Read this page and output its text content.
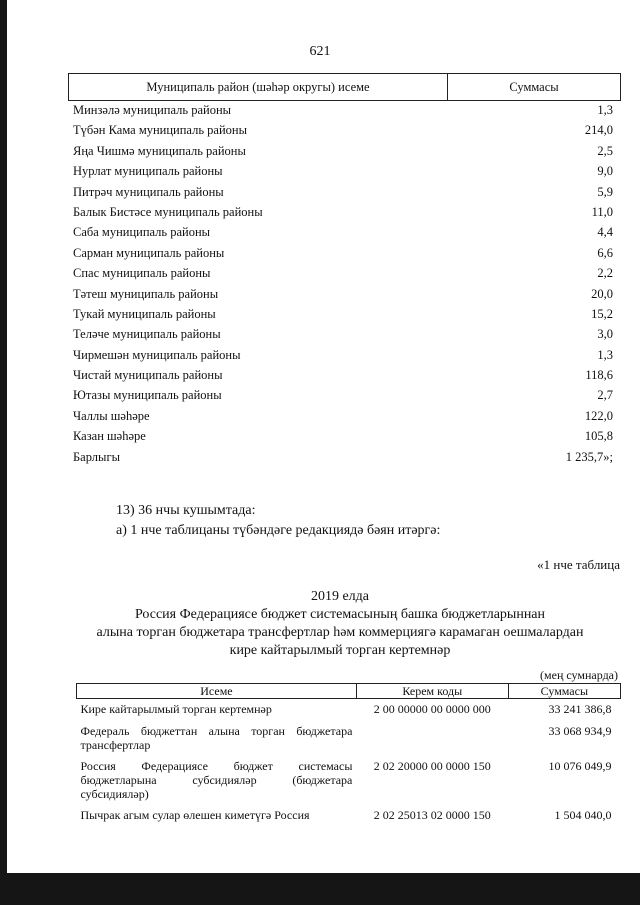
621
Муниципаль район (шәһәр округы) исеме	Суммасы
Минзәлә муниципаль районы	1,3
Түбән Кама муниципаль районы	214,0
Яңа Чишмә муниципаль районы	2,5
Нурлат муниципаль районы	9,0
Питрәч муниципаль районы	5,9
Балык Бистәсе муниципаль районы	11,0
Саба муниципаль районы	4,4
Сарман муниципаль районы	6,6
Спас муниципаль районы	2,2
Тәтеш муниципаль районы	20,0
Тукай муниципаль районы	15,2
Теләче муниципаль районы	3,0
Чирмешән муниципаль районы	1,3
Чистай муниципаль районы	118,6
Ютазы муниципаль районы	2,7
Чаллы шәһәре	122,0
Казан шәһәре	105,8
Барлыгы	1 235,7»;
13) 36 нчы кушымтада:
а) 1 нче таблицаны түбәндәге редакциядә бәян итәргә:
«1 нче таблица
2019 елда
Россия Федерациясе бюджет системасының башка бюджетларыннан
алына торган бюджетара трансфертлар һәм коммерциягә карамаган оешмалардан
кире кайтарылмый торган кертемнәр
(мең сумнарда)
Исеме	Керем коды	Суммасы
Кире кайтарылмый торган кертемнәр	2 00 00000 00 0000 000	33 241 386,8
Федераль бюджеттан алына торган бюджетара трансфертлар		33 068 934,9
Россия Федерациясе бюджет системасы бюджетларына субсидияләр (бюджетара субсидияләр)	2 02 20000 00 0000 150	10 076 049,9
Пычрак агым сулар өлешен киметүгә Россия	2 02 25013 02 0000 150	1 504 040,0
